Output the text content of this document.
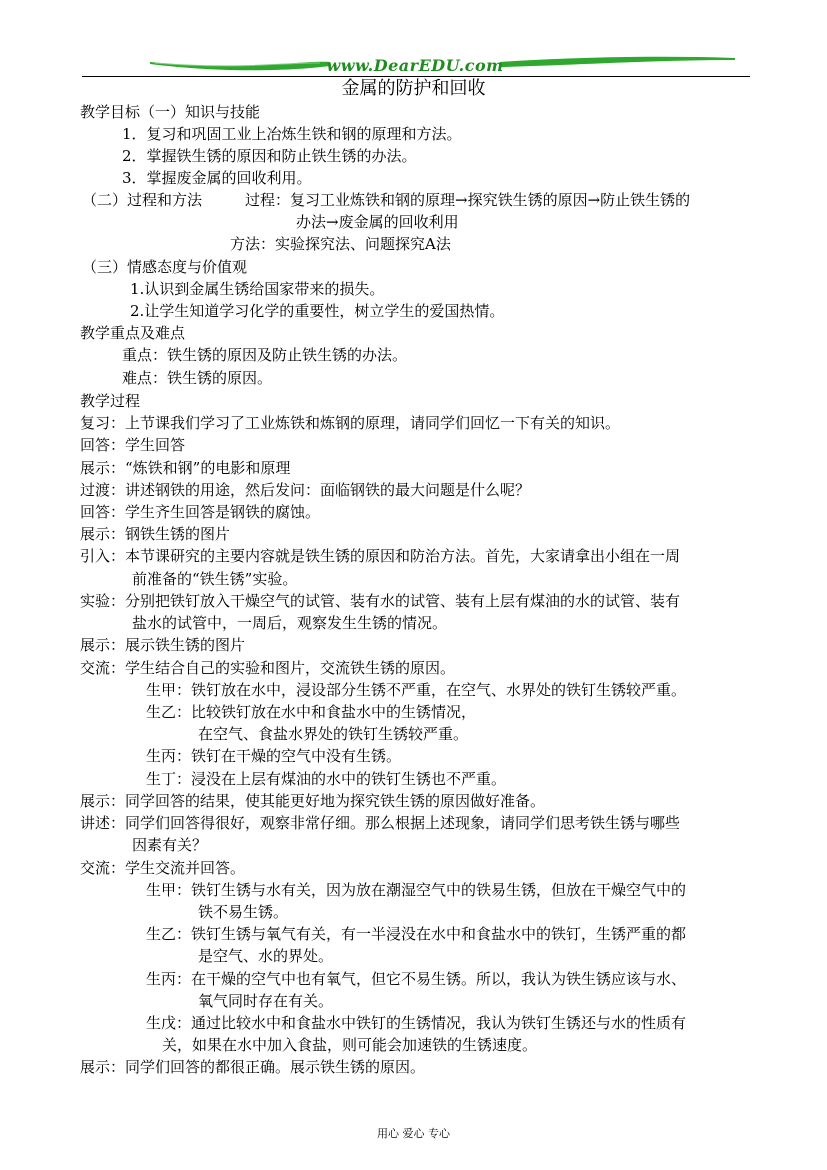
www.DearEDU.com
金属的防护和回收
教学目标（一）知识与技能
1．复习和巩固工业上冶炼生铁和钢的原理和方法。
2．掌握铁生锈的原因和防止铁生锈的办法。
3．掌握废金属的回收利用。
（二）过程和方法	过程：复习工业炼铁和钢的原理→探究铁生锈的原因→防止铁生锈的
办法→废金属的回收利用
方法：实验探究法、问题探究A法
（三）情感态度与价值观
1.认识到金属生锈给国家带来的损失。
2.让学生知道学习化学的重要性，树立学生的爱国热情。
教学重点及难点
重点：铁生锈的原因及防止铁生锈的办法。
难点：铁生锈的原因。
教学过程
复习：上节课我们学习了工业炼铁和炼钢的原理，请同学们回忆一下有关的知识。
回答：学生回答
展示：“炼铁和钢”的电影和原理
过渡：讲述钢铁的用途，然后发问：面临钢铁的最大问题是什么呢？
回答：学生齐生回答是钢铁的腐蚀。
展示：钢铁生锈的图片
引入：本节课研究的主要内容就是铁生锈的原因和防治方法。首先，大家请拿出小组在一周
前准备的“铁生锈”实验。
实验：分别把铁钉放入干燥空气的试管、装有水的试管、装有上层有煤油的水的试管、装有
盐水的试管中，一周后，观察发生生锈的情况。
展示：展示铁生锈的图片
交流：学生结合自己的实验和图片，交流铁生锈的原因。
生甲：铁钉放在水中，浸设部分生锈不严重，在空气、水界处的铁钉生锈较严重。
生乙：比较铁钉放在水中和食盐水中的生锈情况，
在空气、食盐水界处的铁钉生锈较严重。
生丙：铁钉在干燥的空气中没有生锈。
生丁：浸没在上层有煤油的水中的铁钉生锈也不严重。
展示：同学回答的结果，使其能更好地为探究铁生锈的原因做好准备。
讲述：同学们回答得很好，观察非常仔细。那么根据上述现象，请同学们思考铁生锈与哪些
因素有关？
交流：学生交流并回答。
生甲：铁钉生锈与水有关，因为放在潮湿空气中的铁易生锈，但放在干燥空气中的
铁不易生锈。
生乙：铁钉生锈与氧气有关，有一半浸没在水中和食盐水中的铁钉，生锈严重的都
是空气、水的界处。
生丙：在干燥的空气中也有氧气，但它不易生锈。所以，我认为铁生锈应该与水、
氧气同时存在有关。
生戊：通过比较水中和食盐水中铁钉的生锈情况，我认为铁钉生锈还与水的性质有
关，如果在水中加入食盐，则可能会加速铁的生锈速度。
展示：同学们回答的都很正确。展示铁生锈的原因。
用心 爱心 专心
